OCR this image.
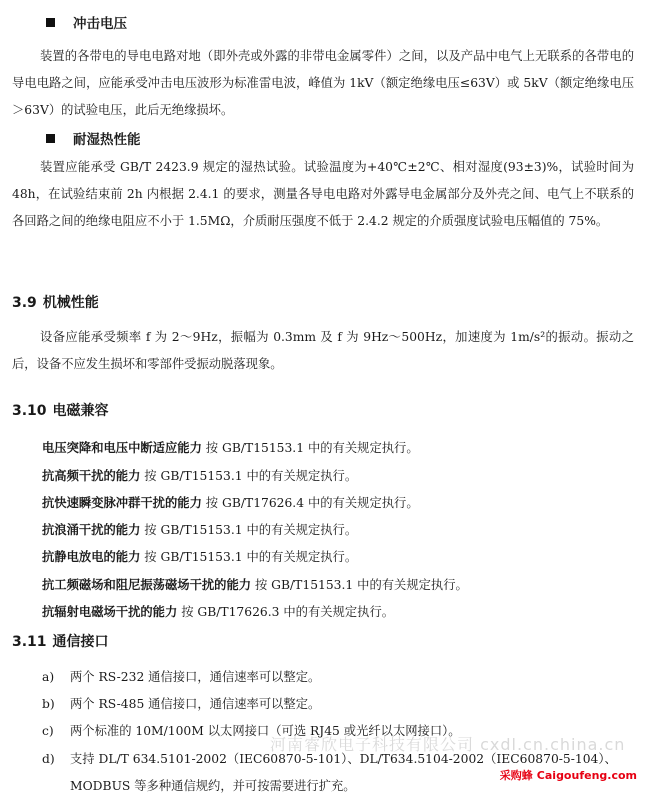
冲击电压

装置的各带电的导电电路对地（即外壳或外露的非带电金属零件）之间，以及产品中电气上无联系的各带电的导电电路之间，应能承受冲击电压波形为标准雷电波，峰值为 1kV（额定绝缘电压≤63V）或 5kV（额定绝缘电压＞63V）的试验电压，此后无绝缘损坏。

耐湿热性能

装置应能承受 GB/T 2423.9 规定的湿热试验。试验温度为+40℃±2℃、相对湿度(93±3)%，试验时间为 48h，在试验结束前 2h 内根据 2.4.1 的要求，测量各导电电路对外露导电金属部分及外壳之间、电气上不联系的各回路之间的绝缘电阻应不小于 1.5MΩ，介质耐压强度不低于 2.4.2 规定的介质强度试验电压幅值的 75%。

3.9 机械性能

设备应能承受频率 f 为 2～9Hz，振幅为 0.3mm 及 f 为 9Hz～500Hz，加速度为 1m/s²的振动。振动之后，设备不应发生损坏和零部件受振动脱落现象。

3.10 电磁兼容
电压突降和电压中断适应能力 按 GB/T15153.1 中的有关规定执行。
抗高频干扰的能力 按 GB/T15153.1 中的有关规定执行。
抗快速瞬变脉冲群干扰的能力 按 GB/T17626.4 中的有关规定执行。
抗浪涌干扰的能力 按 GB/T15153.1 中的有关规定执行。
抗静电放电的能力 按 GB/T15153.1 中的有关规定执行。
抗工频磁场和阻尼振荡磁场干扰的能力 按 GB/T15153.1 中的有关规定执行。
抗辐射电磁场干扰的能力 按 GB/T17626.3 中的有关规定执行。
3.11 通信接口
a) 两个 RS-232 通信接口，通信速率可以整定。
b) 两个 RS-485 通信接口，通信速率可以整定。
c) 两个标准的 10M/100M 以太网接口（可选 RJ45 或光纤以太网接口）。
d) 支持 DL/T 634.5101-2002（IEC60870-5-101）、DL/T634.5104-2002（IEC60870-5-104）、MODBUS 等多种通信规约，并可按需要进行扩充。
河南睿欣电子科技有限公司 cxdl.cn.china.cn
采购蜂 Caigoufeng.com
